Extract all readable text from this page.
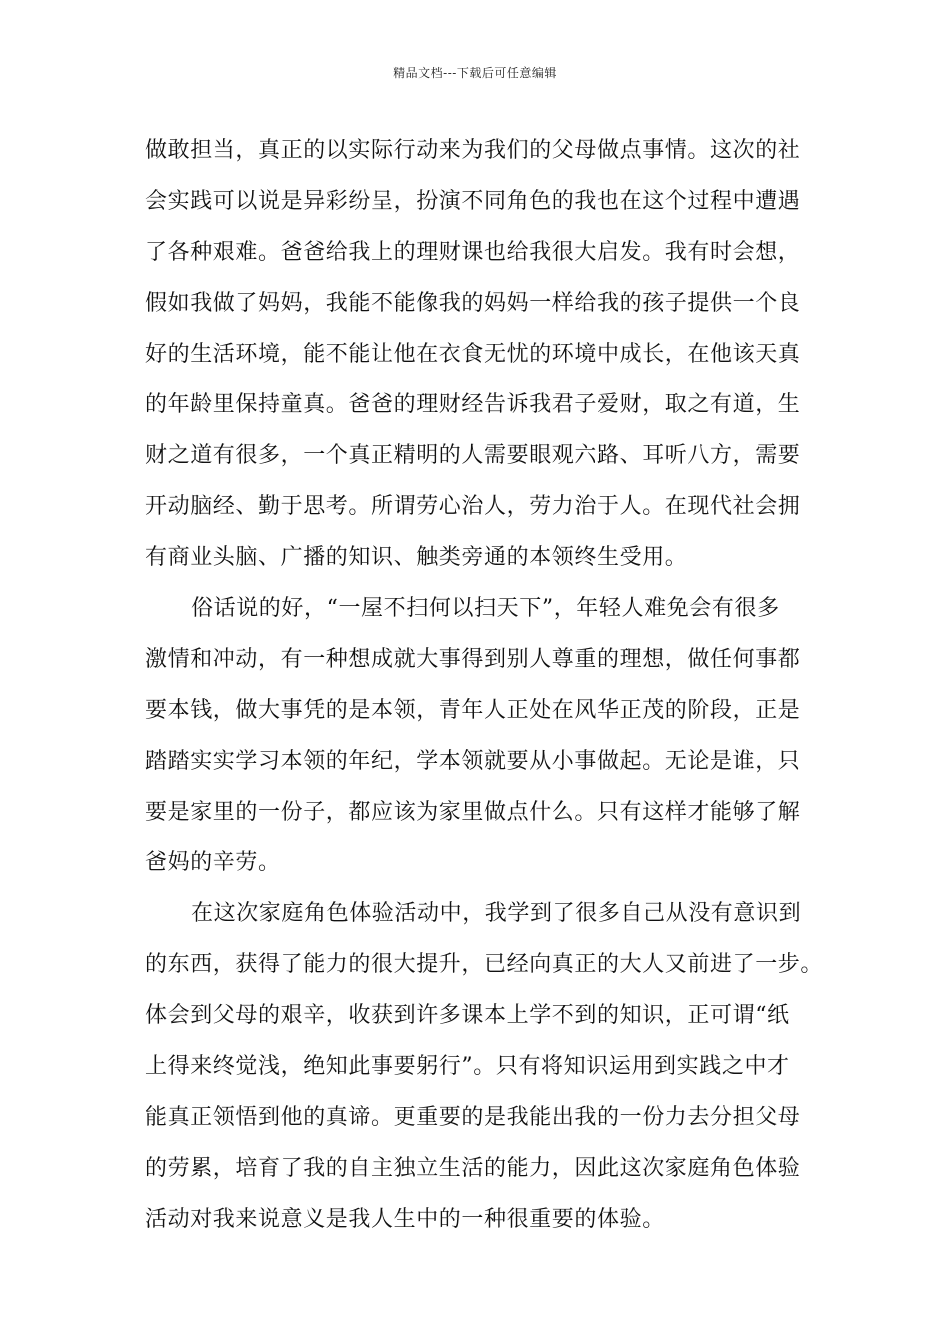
精品文档---下载后可任意编辑
做敢担当，真正的以实际行动来为我们的父母做点事情。这次的社
会实践可以说是异彩纷呈，扮演不同角色的我也在这个过程中遭遇
了各种艰难。爸爸给我上的理财课也给我很大启发。我有时会想，
假如我做了妈妈，我能不能像我的妈妈一样给我的孩子提供一个良
好的生活环境，能不能让他在衣食无忧的环境中成长，在他该天真
的年龄里保持童真。爸爸的理财经告诉我君子爱财，取之有道，生
财之道有很多，一个真正精明的人需要眼观六路、耳听八方，需要
开动脑经、勤于思考。所谓劳心治人，劳力治于人。在现代社会拥
有商业头脑、广播的知识、触类旁通的本领终生受用。
俗话说的好，“一屋不扫何以扫天下”，年轻人难免会有很多
激情和冲动，有一种想成就大事得到别人尊重的理想，做任何事都
要本钱，做大事凭的是本领，青年人正处在风华正茂的阶段，正是
踏踏实实学习本领的年纪，学本领就要从小事做起。无论是谁，只
要是家里的一份子，都应该为家里做点什么。只有这样才能够了解
爸妈的辛劳。
在这次家庭角色体验活动中，我学到了很多自己从没有意识到
的东西，获得了能力的很大提升，已经向真正的大人又前进了一步。
体会到父母的艰辛，收获到许多课本上学不到的知识，正可谓“纸
上得来终觉浅，绝知此事要躬行”。只有将知识运用到实践之中才
能真正领悟到他的真谛。更重要的是我能出我的一份力去分担父母
的劳累，培育了我的自主独立生活的能力，因此这次家庭角色体验
活动对我来说意义是我人生中的一种很重要的体验。
